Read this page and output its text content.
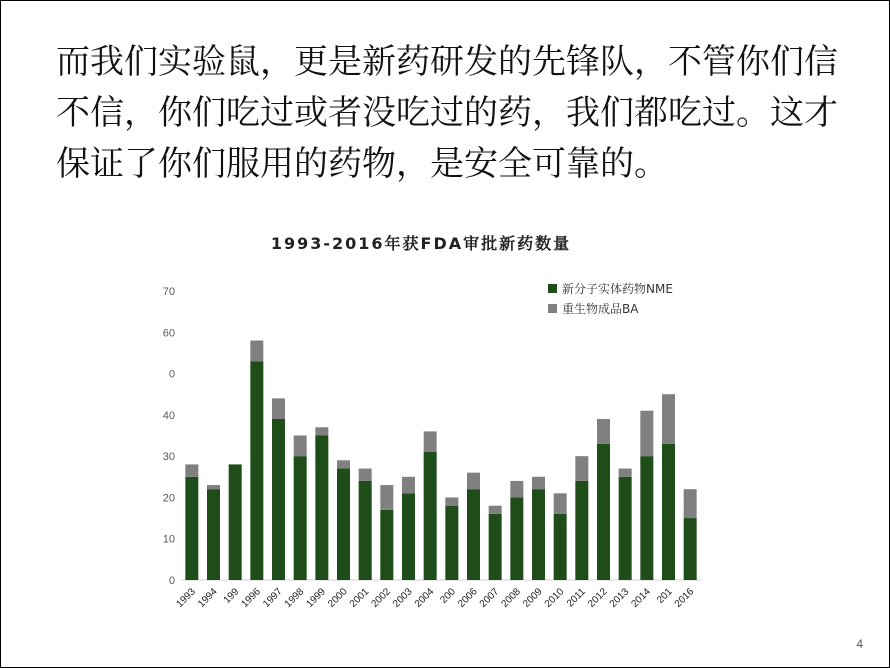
而我们实验鼠，更是新药研发的先锋队，不管你们信
不信，你们吃过或者没吃过的药，我们都吃过。这才
保证了你们服用的药物，是安全可靠的。
1993-2016年获FDA审批新药数量
0
10
20
30
40
0
60
70
1993
1994 199
1996
1997
1998
1999
2000
2001
2002
2003
2004 200
2006
2007
2008
2009
2010
2011
2012
2013
2014 201
2016
新分子实体药物NME
重生物成品BA
4
